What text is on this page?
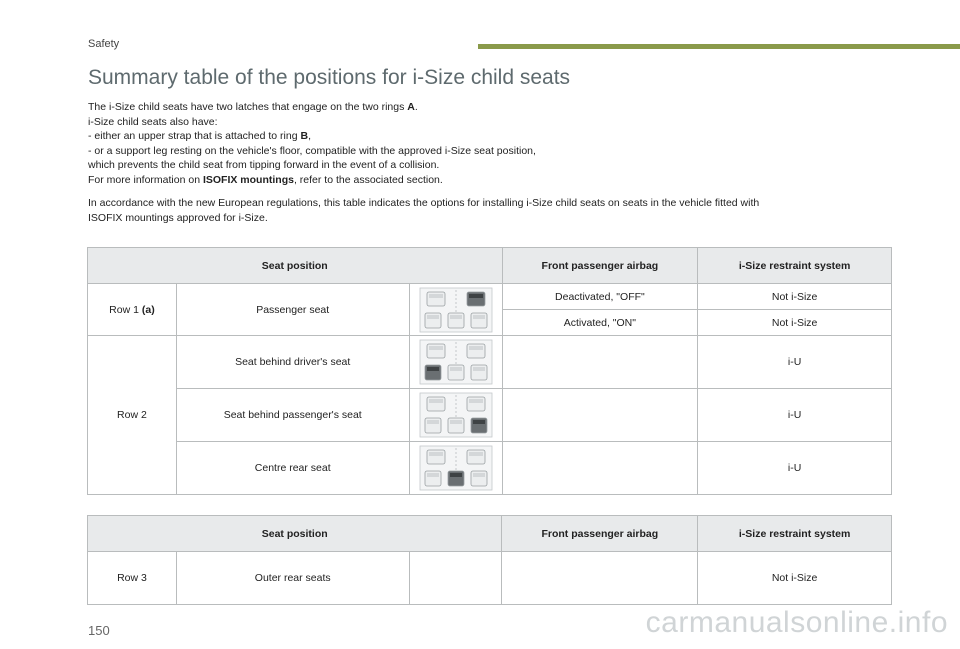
Safety
Summary table of the positions for i-Size child seats

The i-Size child seats have two latches that engage on the two rings A.

i-Size child seats also have:

- either an upper strap that is attached to ring B,

- or a support leg resting on the vehicle's floor, compatible with the approved i-Size seat position,

which prevents the child seat from tipping forward in the event of a collision.

For more information on ISOFIX mountings, refer to the associated section.

In accordance with the new European regulations, this table indicates the options for installing i-Size child seats on seats in the vehicle fitted with

ISOFIX mountings approved for i-Size.

Seat position			Front passenger airbag	i-Size restraint system
Row 1 (a)	Passenger seat		Deactivated, "OFF"	Not i-Size
			Activated, "ON"	Not i-Size
Row 2	Seat behind driver's seat			i-U
	Seat behind passenger's seat			i-U
	Centre rear seat			i-U
Seat position			Front passenger airbag	i-Size restraint system
Row 3	Outer rear seats			Not i-Size
150	carmanualsonline.info
